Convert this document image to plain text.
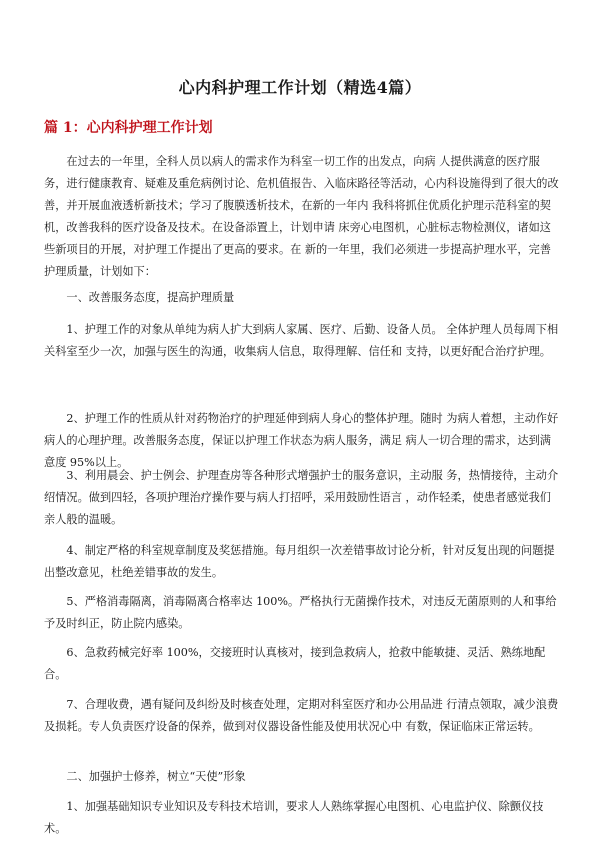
心内科护理工作计划（精选4篇）
篇 1：心内科护理工作计划

在过去的一年里，全科人员以病人的需求作为科室一切工作的出发点，向病 人提供满意的医疗服务，进行健康教育、疑难及重危病例讨论、危机值报告、入临床路径等活动，心内科设施得到了很大的改善，并开展血液透析新技术；学习了腹膜透析技术，在新的一年内 我科将抓住优质化护理示范科室的契机，改善我科的医疗设备及技术。在设备添置上，计划申请 床旁心电图机，心脏标志物检测仪，诸如这些新项目的开展，对护理工作提出了更高的要求。在 新的一年里，我们必须进一步提高护理水平，完善护理质量，计划如下：

一、改善服务态度，提高护理质量

1、护理工作的对象从单纯为病人扩大到病人家属、医疗、后勤、设备人员。 全体护理人员每周下相关科室至少一次，加强与医生的沟通，收集病人信息，取得理解、信任和 支持，以更好配合治疗护理。

2、护理工作的性质从针对药物治疗的护理延伸到病人身心的整体护理。随时 为病人着想，主动作好病人的心理护理。改善服务态度，保证以护理工作状态为病人服务，满足 病人一切合理的需求，达到满意度 95%以上。

3、利用晨会、护士例会、护理查房等各种形式增强护士的服务意识，主动服 务，热情接待，主动介绍情况。做到四轻，各项护理治疗操作要与病人打招呼，采用鼓励性语言 ，动作轻柔，使患者感觉我们亲人般的温暖。

4、制定严格的科室规章制度及奖惩措施。每月组织一次差错事故讨论分析，针对反复出现的问题提出整改意见，杜绝差错事故的发生。

5、严格消毒隔离，消毒隔离合格率达 100%。严格执行无菌操作技术，对违反无菌原则的人和事给予及时纠正，防止院内感染。

6、急救药械完好率 100%，交接班时认真核对，接到急救病人，抢救中能敏捷、灵活、熟练地配合。

7、合理收费，遇有疑问及纠纷及时核查处理，定期对科室医疗和办公用品进 行清点领取，减少浪费及损耗。专人负责医疗设备的保养，做到对仪器设备性能及使用状况心中 有数，保证临床正常运转。

二、加强护士修养，树立“天使”形象

1、加强基础知识专业知识及专科技术培训，要求人人熟练掌握心电图机、心电监护仪、除颤仪技术。
